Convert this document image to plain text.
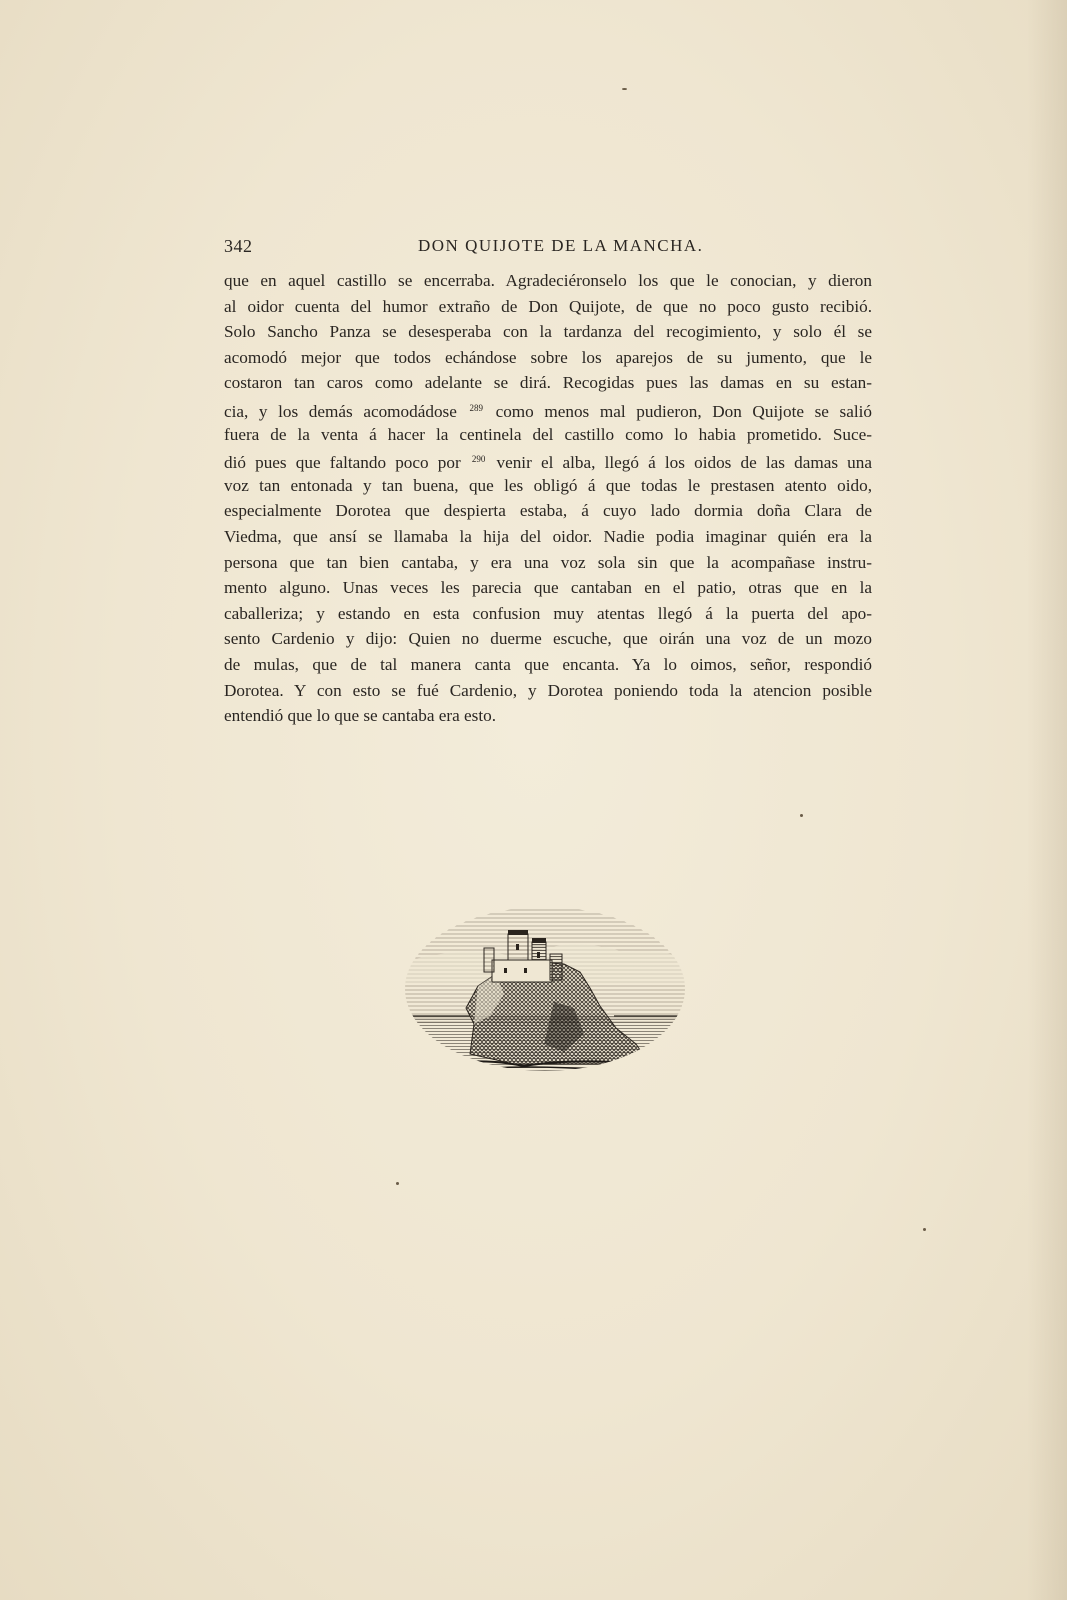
342	DON QUIJOTE DE LA MANCHA.
que en aquel castillo se encerraba. Agradeciéronselo los que le conocian, y dieron
al oidor cuenta del humor extraño de Don Quijote, de que no poco gusto recibió.
Solo Sancho Panza se desesperaba con la tardanza del recogimiento, y solo él se
acomodó mejor que todos echándose sobre los aparejos de su jumento, que le
costaron tan caros como adelante se dirá. Recogidas pues las damas en su estan-
cia, y los demás acomodádose $^{289}$ como menos mal pudieron, Don Quijote se salió
fuera de la venta á hacer la centinela del castillo como lo habia prometido. Suce-
dió pues que faltando poco por $^{290}$ venir el alba, llegó á los oidos de las damas una
voz tan entonada y tan buena, que les obligó á que todas le prestasen atento oido,
especialmente Dorotea que despierta estaba, á cuyo lado dormia doña Clara de
Viedma, que ansí se llamaba la hija del oidor. Nadie podia imaginar quién era la
persona que tan bien cantaba, y era una voz sola sin que la acompañase instru-
mento alguno. Unas veces les parecia que cantaban en el patio, otras que en la
caballeriza; y estando en esta confusion muy atentas llegó á la puerta del apo-
sento Cardenio y dijo: Quien no duerme escuche, que oirán una voz de un mozo
de mulas, que de tal manera canta que encanta. Ya lo oimos, señor, respondió
Dorotea. Y con esto se fué Cardenio, y Dorotea poniendo toda la atencion posible
entendió que lo que se cantaba era esto.
